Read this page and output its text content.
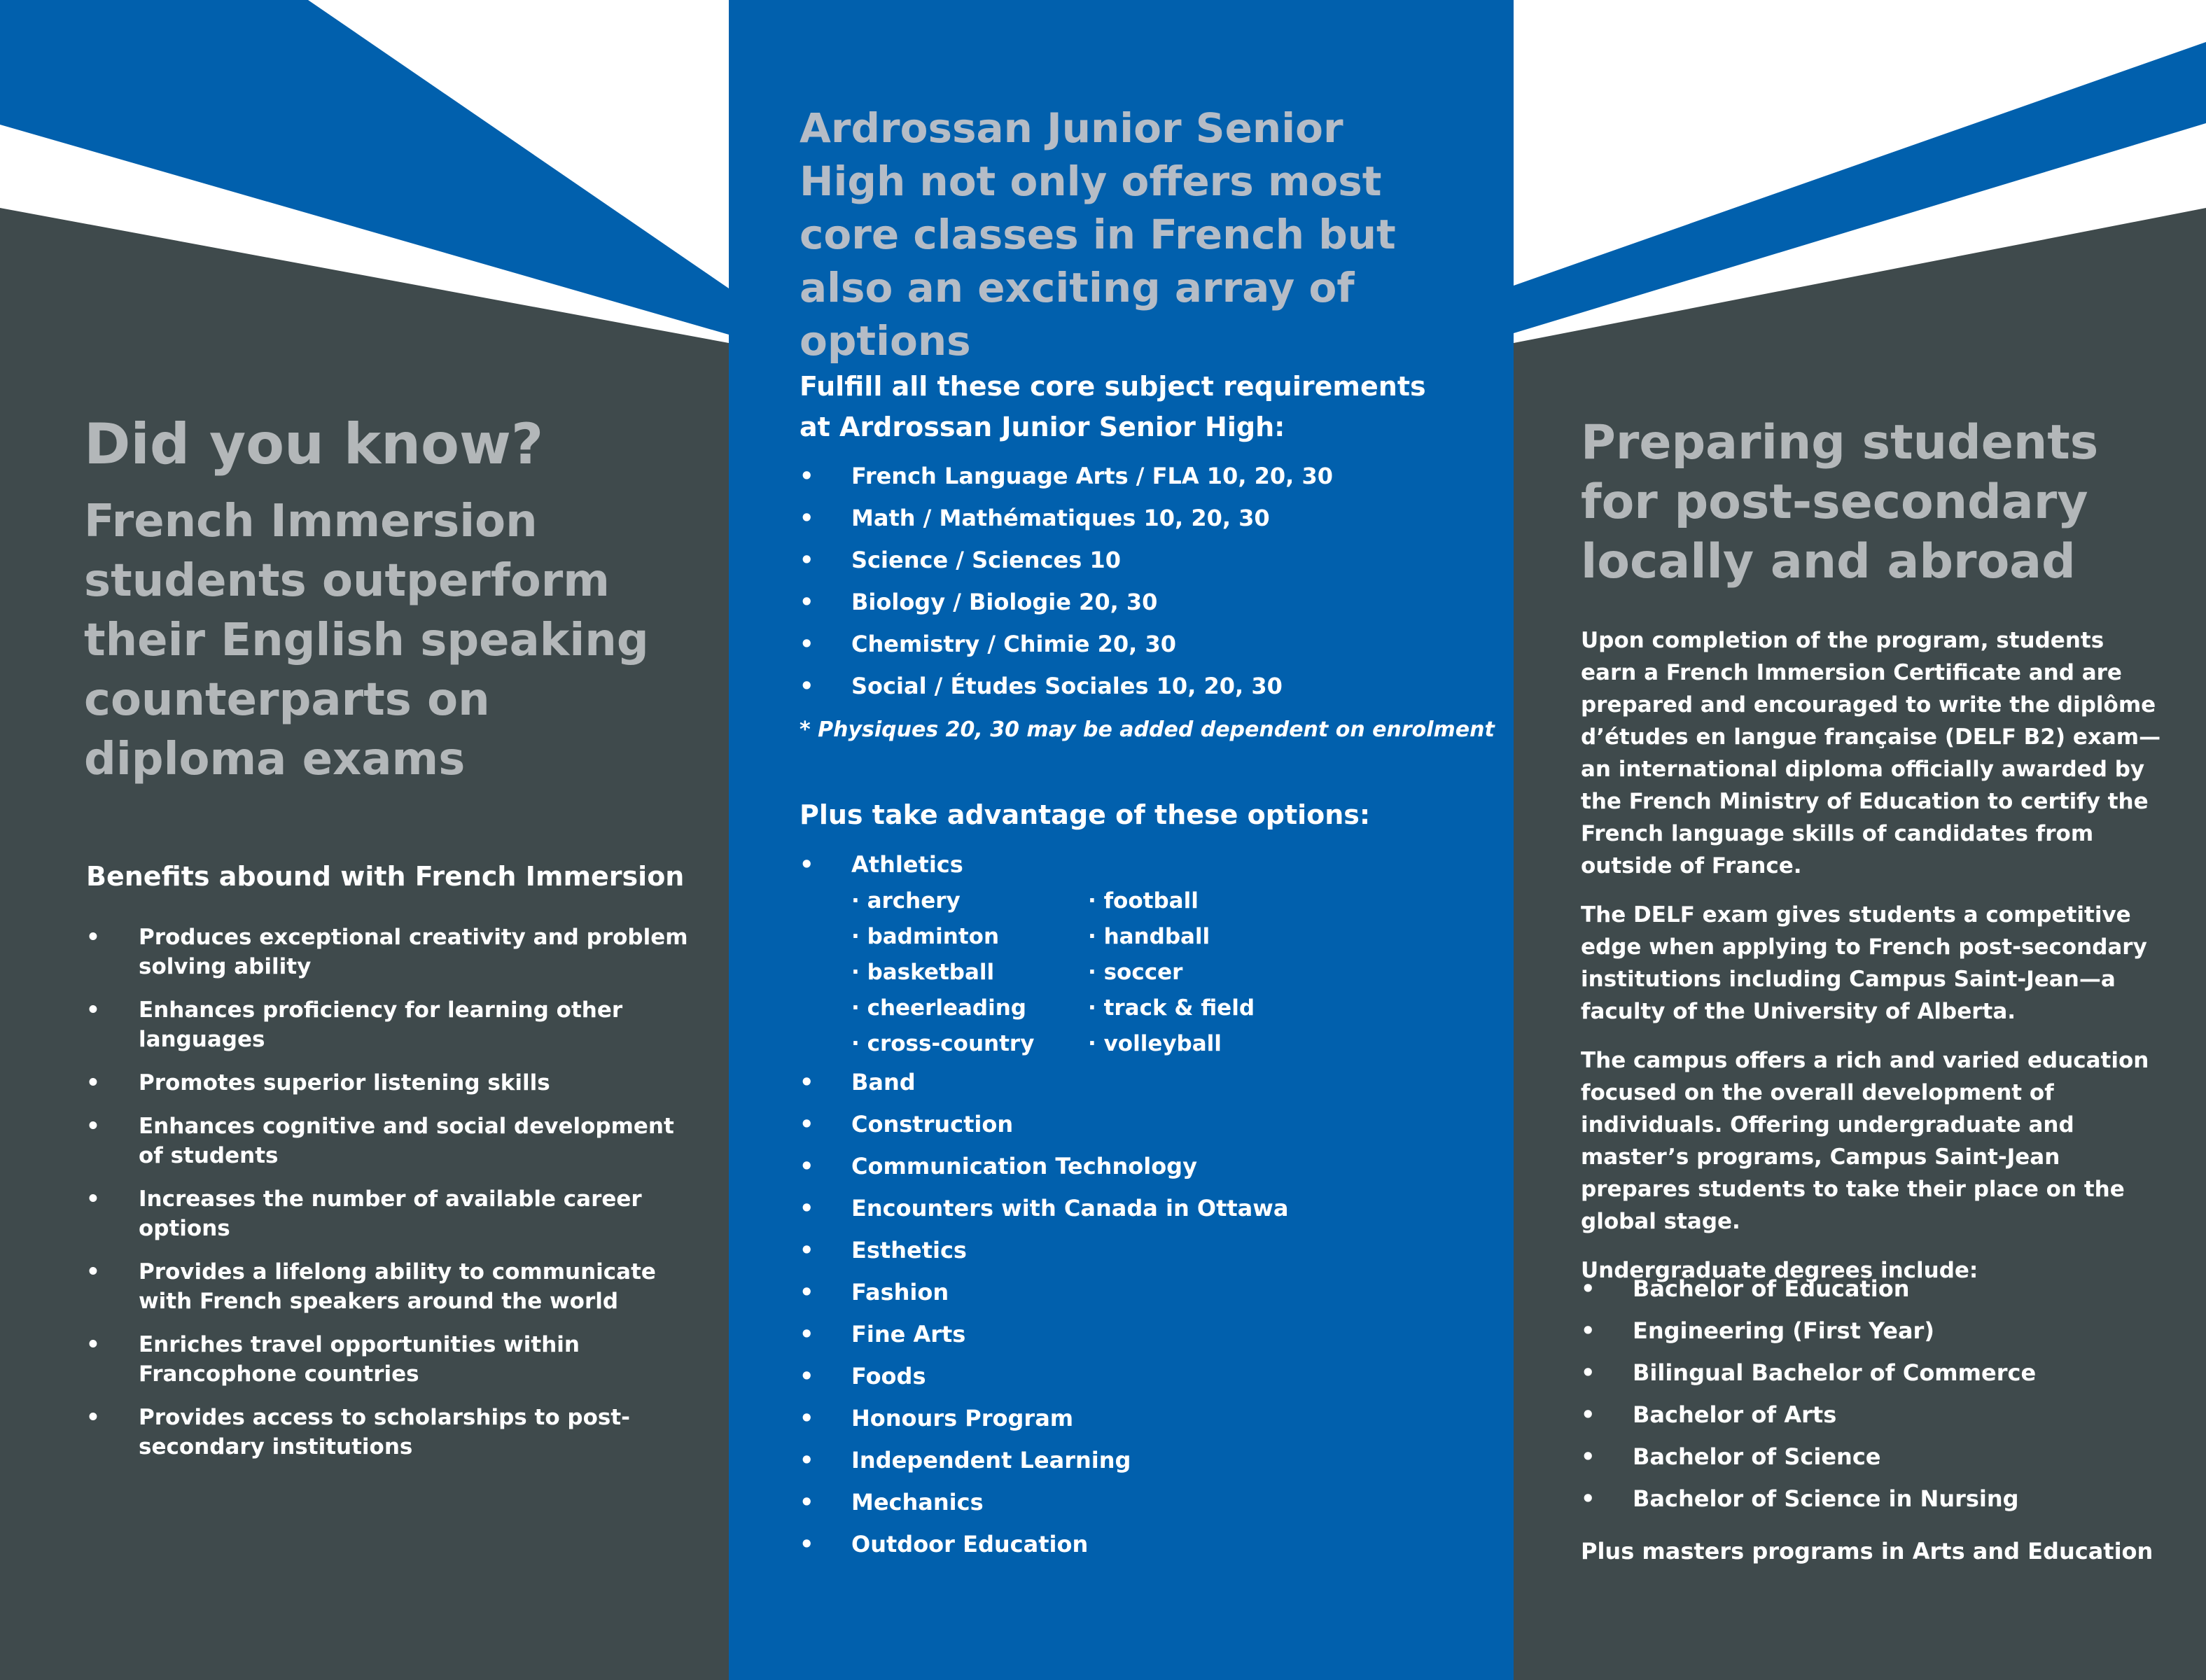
Did you know?
French Immersion students outperform their English speaking counterparts on diploma exams
Benefits abound with French Immersion
• Produces exceptional creativity and problem solving ability
• Enhances proficiency for learning other languages
• Promotes superior listening skills
• Enhances cognitive and social development of students
• Increases the number of available career options
• Provides a lifelong ability to communicate with French speakers around the world
• Enriches travel opportunities within Francophone countries
• Provides access to scholarships to post-secondary institutions
Ardrossan Junior Senior High not only offers most core classes in French but also an exciting array of options
Fulfill all these core subject requirements at Ardrossan Junior Senior High:
• French Language Arts / FLA 10, 20, 30
• Math / Mathématiques 10, 20, 30
• Science / Sciences 10
• Biology / Biologie 20, 30
• Chemistry / Chimie 20, 30
• Social / Études Sociales 10, 20, 30
* Physiques 20, 30 may be added dependent on enrolment
Plus take advantage of these options:
• Athletics
· archery	· football
· badminton	· handball
· basketball	· soccer
· cheerleading	· track & field
· cross-country	· volleyball
• Band
• Construction
• Communication Technology
• Encounters with Canada in Ottawa
• Esthetics
• Fashion
• Fine Arts
• Foods
• Honours Program
• Independent Learning
• Mechanics
• Outdoor Education
Preparing students for post-secondary locally and abroad

Upon completion of the program, students earn a French Immersion Certificate and are prepared and encouraged to write the diplôme d’études en langue française (DELF B2) exam—an international diploma officially awarded by the French Ministry of Education to certify the French language skills of candidates from outside of France.

The DELF exam gives students a competitive edge when applying to French post-secondary institutions including Campus Saint-Jean—a faculty of the University of Alberta.

The campus offers a rich and varied education focused on the overall development of individuals. Offering undergraduate and master’s programs, Campus Saint-Jean prepares students to take their place on the global stage.

Undergraduate degrees include:

• Bachelor of Education
• Engineering (First Year)
• Bilingual Bachelor of Commerce
• Bachelor of Arts
• Bachelor of Science
• Bachelor of Science in Nursing
Plus masters programs in Arts and Education
